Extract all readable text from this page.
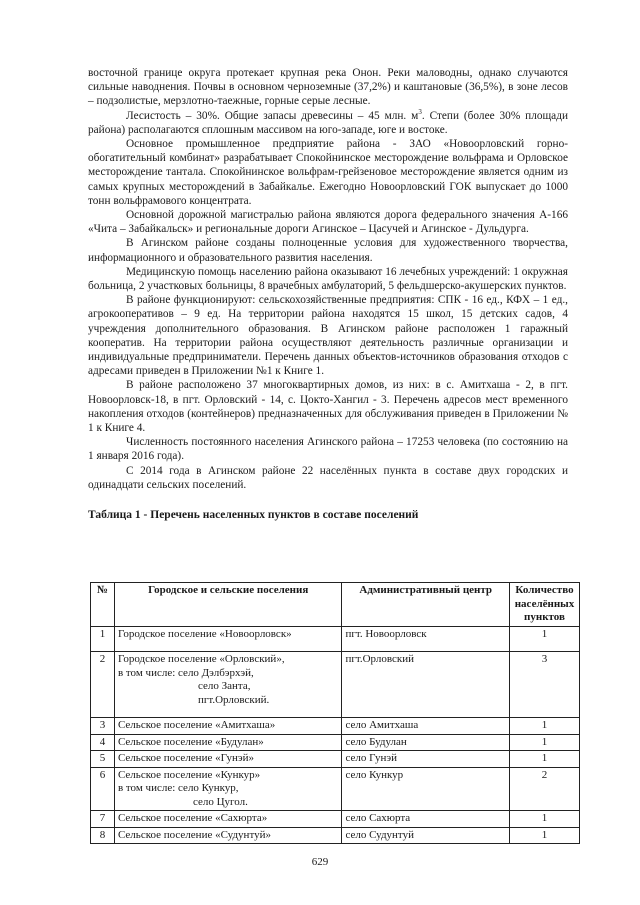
восточной границе округа протекает крупная река Онон. Реки маловодны, однако случаются сильные наводнения. Почвы в основном черноземные (37,2%) и каштановые (36,5%), в зоне лесов – подзолистые, мерзлотно-таежные, горные серые лесные.

Лесистость – 30%. Общие запасы древесины – 45 млн. $м^3$. Степи (более 30% площади района) располагаются сплошным массивом на юго-западе, юге и востоке.

Основное промышленное предприятие района - ЗАО «Новоорловский горно-обогатительный комбинат» разрабатывает Спокойнинское месторождение вольфрама и Орловское месторождение тантала. Спокойнинское вольфрам-грейзеновое месторождение является одним из самых крупных месторождений в Забайкалье. Ежегодно Новоорловский ГОК выпускает до 1000 тонн вольфрамового концентрата.

Основной дорожной магистралью района являются дорога федерального значения А-166 «Чита – Забайкальск» и региональные дороги Агинское – Цасучей и Агинское - Дульдурга.

В Агинском районе созданы полноценные условия для художественного творчества, информационного и образовательного развития населения.

Медицинскую помощь населению района оказывают 16 лечебных учреждений: 1 окружная больница, 2 участковых больницы, 8 врачебных амбулаторий, 5 фельдшерско-акушерских пунктов.

В районе функционируют: сельскохозяйственные предприятия: СПК - 16 ед., КФХ – 1 ед., агрокооперативов – 9 ед. На территории района находятся 15 школ, 15 детских садов, 4 учреждения дополнительного образования. В Агинском районе расположен 1 гаражный кооператив. На территории района осуществляют деятельность различные организации и индивидуальные предприниматели. Перечень данных объектов-источников образования отходов с адресами приведен в Приложении №1 к Книге 1.

В районе расположено 37 многоквартирных домов, из них: в с. Амитхаша - 2, в пгт. Новоорловск-18, в пгт. Орловский - 14, с. Цокто-Хангил - 3. Перечень адресов мест временного накопления отходов (контейнеров) предназначенных для обслуживания приведен в Приложении № 1 к Книге 4.

Численность постоянного населения Агинского района – 17253 человека (по состоянию на 1 января 2016 года).

С 2014 года в Агинском районе 22 населённых пункта в составе двух городских и одинадцати сельских поселений.

Таблица 1 - Перечень населенных пунктов в составе поселений

№	Городское и сельские поселения	Административный центр	Количество населённых пунктов
1	Городское поселение «Новоорловск»	пгт. Новоорловск	1
2	Городское поселение «Орловский»,
в том числе: село Дэлбэрхэй,
село Занта,
пгт.Орловский.	пгт.Орловский	3
3	Сельское поселение «Амитхаша»	село Амитхаша	1
4	Сельское поселение «Будулан»	село Будулан	1
5	Сельское поселение «Гунэй»	село Гунэй	1
6	Сельское поселение «Кункур»
в том числе: село Кункур,
село Цугол.	село Кункур	2
7	Сельское поселение «Сахюрта»	село Сахюрта	1
8	Сельское поселение «Судунтуй»	село Судунтуй	1
629
